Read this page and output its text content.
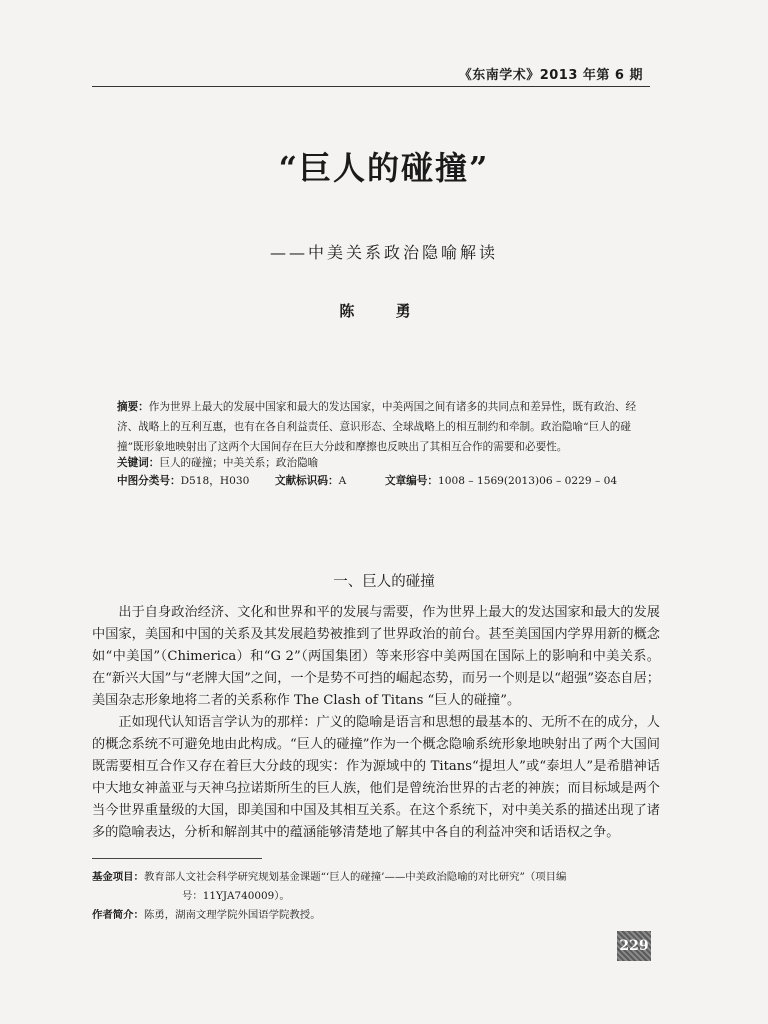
《东南学术》2013 年第 6 期
“巨人的碰撞”
——中美关系政治隐喻解读
陈 勇
摘要：作为世界上最大的发展中国家和最大的发达国家，中美两国之间有诸多的共同点和差异性，既有政治、经济、战略上的互利互惠，也有在各自利益责任、意识形态、全球战略上的相互制约和牵制。政治隐喻“巨人的碰撞”既形象地映射出了这两个大国间存在巨大分歧和摩擦也反映出了其相互合作的需要和必要性。
关键词：巨人的碰撞；中美关系；政治隐喻
中图分类号：D518，H030 文献标识码：A	文章编号：1008 – 1569(2013)06 – 0229 – 04
一、巨人的碰撞

出于自身政治经济、文化和世界和平的发展与需要，作为世界上最大的发达国家和最大的发展中国家，美国和中国的关系及其发展趋势被推到了世界政治的前台。甚至美国国内学界用新的概念如“中美国”（Chimerica）和“G 2”（两国集团）等来形容中美两国在国际上的影响和中美关系。在“新兴大国”与“老牌大国”之间，一个是势不可挡的崛起态势，而另一个则是以“超强”姿态自居；美国杂志形象地将二者的关系称作 The Clash of Titans “巨人的碰撞”。

正如现代认知语言学认为的那样：广义的隐喻是语言和思想的最基本的、无所不在的成分，人的概念系统不可避免地由此构成。“巨人的碰撞”作为一个概念隐喻系统形象地映射出了两个大国间既需要相互合作又存在着巨大分歧的现实：作为源域中的 Titans“提坦人”或“泰坦人”是希腊神话中大地女神盖亚与天神乌拉诺斯所生的巨人族，他们是曾统治世界的古老的神族；而目标域是两个当今世界重量级的大国，即美国和中国及其相互关系。在这个系统下，对中美关系的描述出现了诸多的隐喻表达，分析和解剖其中的蕴涵能够清楚地了解其中各自的利益冲突和话语权之争。

基金项目：教育部人文社会科学研究规划基金课题“‘巨人的碰撞’——中美政治隐喻的对比研究”（项目编
号：11YJA740009）。
作者简介：陈勇，湖南文理学院外国语学院教授。
229
